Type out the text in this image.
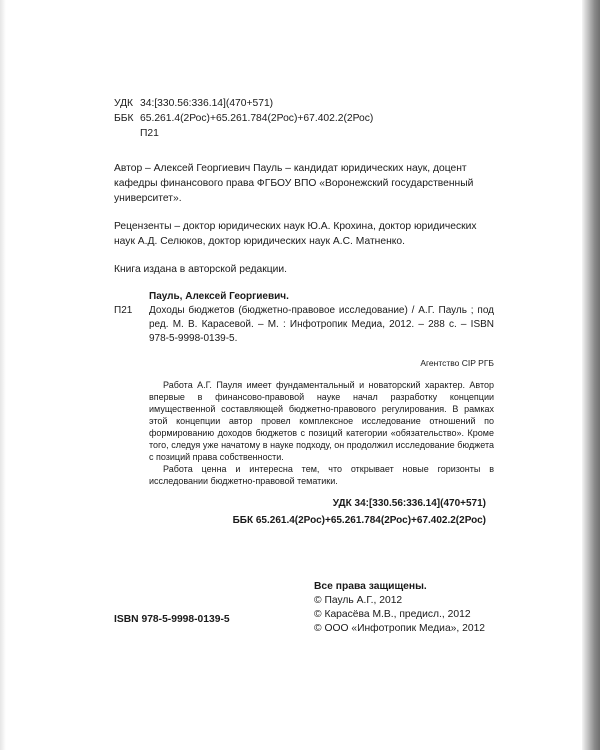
УДК 34:[330.56:336.14](470+571)
ББК 65.261.4(2Рос)+65.261.784(2Рос)+67.402.2(2Рос)
П21
Автор – Алексей Георгиевич Пауль – кандидат юридических наук, доцент кафедры финансового права ФГБОУ ВПО «Воронежский государственный университет».
Рецензенты – доктор юридических наук Ю.А. Крохина, доктор юридических наук А.Д. Селюков, доктор юридических наук А.С. Матненко.
Книга издана в авторской редакции.
Пауль, Алексей Георгиевич.
П21	Доходы бюджетов (бюджетно-правовое исследование) / А.Г. Пауль ; под ред. М. В. Карасевой. – М. : Инфотропик Медиа, 2012. – 288 с. – ISBN 978-5-9998-0139-5.
Агентство CIP РГБ

Работа А.Г. Пауля имеет фундаментальный и новаторский характер. Автор впервые в финансово-правовой науке начал разработку концепции имущественной составляющей бюджетно-правового регулирования. В рамках этой концепции автор провел комплексное исследование отношений по формированию доходов бюджетов с позиций категории «обязательство». Кроме того, следуя уже начатому в науке подходу, он продолжил исследование бюджета с позиций права собственности.

Работа ценна и интересна тем, что открывает новые горизонты в исследовании бюджетно-правовой тематики.

УДК 34:[330.56:336.14](470+571)
ББК 65.261.4(2Рос)+65.261.784(2Рос)+67.402.2(2Рос)
ISBN 978-5-9998-0139-5
Все права защищены.
© Пауль А.Г., 2012
© Карасёва М.В., предисл., 2012
© ООО «Инфотропик Медиа», 2012
